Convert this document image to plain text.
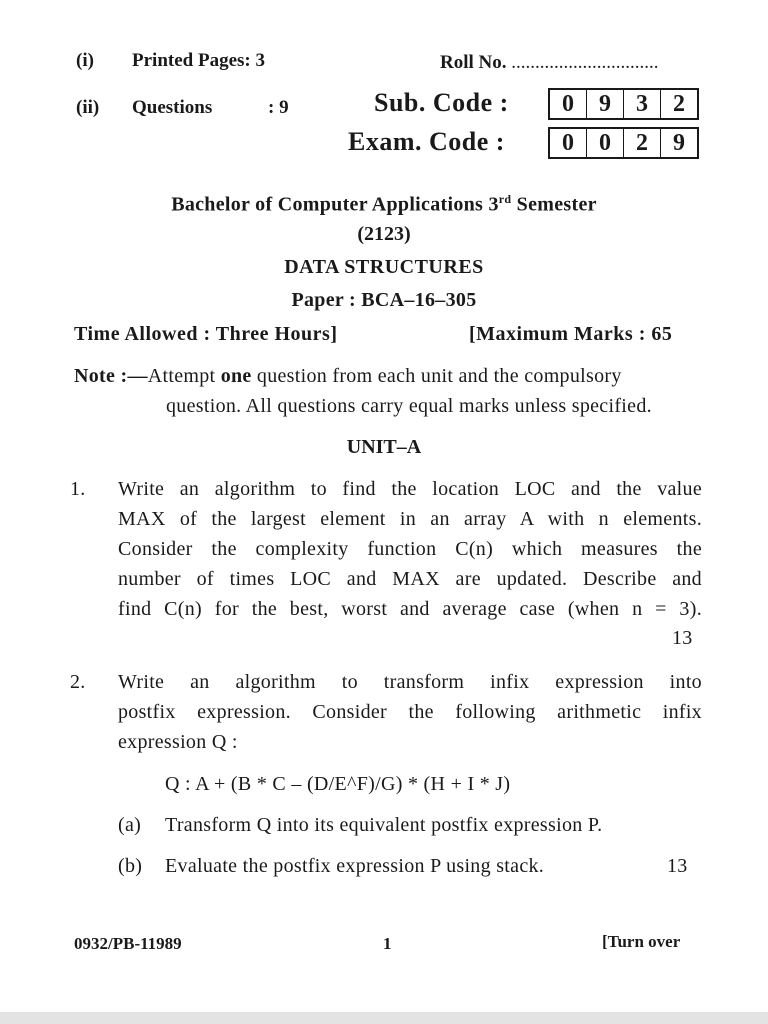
(i) Printed Pages: 3
(ii) Questions	: 9
Roll No. ...............................
Sub. Code :	0	9	3	2
Exam. Code :	0	0	2	9
Bachelor of Computer Applications 3rd Semester
(2123)
DATA STRUCTURES
Paper : BCA–16–305
Time Allowed : Three Hours]	[Maximum Marks : 65
Note :—Attempt one question from each unit and the compulsory
question. All questions carry equal marks unless specified.
UNIT–A
1. Write an algorithm to find the location LOC and the value
MAX of the largest element in an array A with n elements.
Consider the complexity function C(n) which measures the
number of times LOC and MAX are updated. Describe and
find C(n) for the best, worst and average case (when n = 3).
13
2. Write an algorithm to transform infix expression into
postfix expression. Consider the following arithmetic infix
expression Q :
Q : A + (B * C – (D/E^F)/G) * (H + I * J)
(a) Transform Q into its equivalent postfix expression P.
(b) Evaluate the postfix expression P using stack.	13
0932/PB-11989	1	[Turn over
